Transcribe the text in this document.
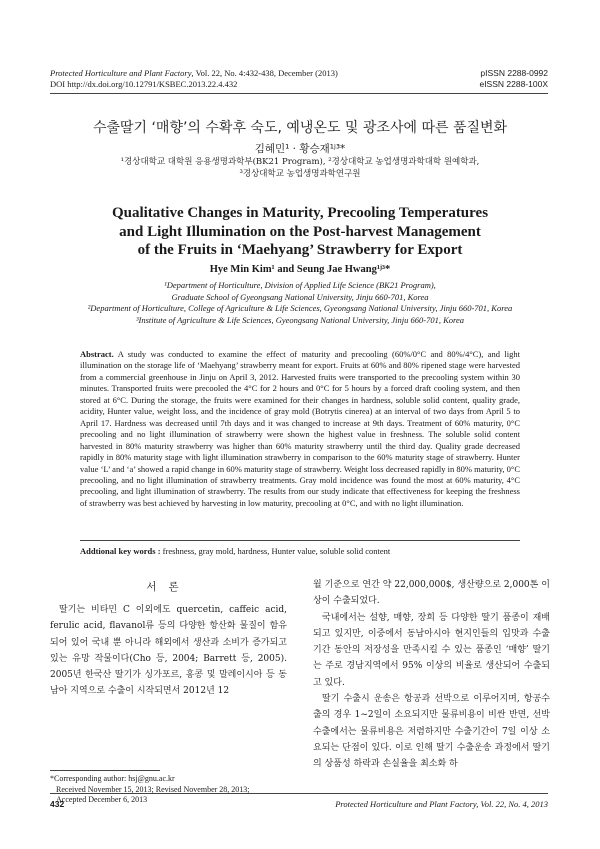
Protected Horticulture and Plant Factory, Vol. 22, No. 4:432-438, December (2013)
DOI http://dx.doi.org/10.12791/KSBEC.2013.22.4.432
pISSN 2288-0992
eISSN 2288-100X
수출딸기 ‘매향’의 수확후 숙도, 예냉온도 및 광조사에 따른 품질변화
김혜민¹ · 황승재¹ʲ³*
¹경상대학교 대학원 응용생명과학부(BK21 Program), ²경상대학교 농업생명과학대학 원예학과,
³경상대학교 농업생명과학연구원
Qualitative Changes in Maturity, Precooling Temperatures
and Light Illumination on the Post-harvest Management
of the Fruits in ‘Maehyang’ Strawberry for Export
Hye Min Kim¹ and Seung Jae Hwang¹ʲ³*
¹Department of Horticulture, Division of Applied Life Science (BK21 Program),
Graduate School of Gyeongsang National University, Jinju 660-701, Korea
²Department of Horticulture, College of Agriculture & Life Sciences, Gyeongsang National University, Jinju 660-701, Korea
³Institute of Agriculture & Life Sciences, Gyeongsang National University, Jinju 660-701, Korea
Abstract. A study was conducted to examine the effect of maturity and precooling (60%/0°C and 80%/4°C), and light illumination on the storage life of ‘Maehyang’ strawberry meant for export. Fruits at 60% and 80% ripened stage were harvested from a commercial greenhouse in Jinju on April 3, 2012. Harvested fruits were transported to the precooling system within 30 minutes. Transported fruits were precooled the 4°C for 2 hours and 0°C for 5 hours by a forced draft cooling system, and then stored at 6°C. During the storage, the fruits were examined for their changes in hardness, soluble solid content, quality grade, acidity, Hunter value, weight loss, and the incidence of gray mold (Botrytis cinerea) at an interval of two days from April 5 to April 17. Hardness was decreased until 7th days and it was changed to increase at 9th days. Treatment of 60% maturity, 0°C precooling and no light illumination of strawberry were shown the highest value in freshness. The soluble solid content harvested in 80% maturity strawberry was higher than 60% maturity strawberry until the third day. Quality grade decreased rapidly in 80% maturity stage with light illumination strawberry in comparison to the 60% maturity stage of strawberry. Hunter value ‘L’ and ‘a’ showed a rapid change in 60% maturity stage of strawberry. Weight loss decreased rapidly in 80% maturity, 0°C precooling, and no light illumination of strawberry treatments. Gray mold incidence was found the most at 60% maturity, 4°C precooling, and light illumination of strawberry. The results from our study indicate that effectiveness for keeping the freshness of strawberry was best achieved by harvesting in low maturity, precooling at 0°C, and with no light illumination.
Addtional key words : freshness, gray mold, hardness, Hunter value, soluble solid content
서론

딸기는 비타민 C 이외에도 quercetin, caffeic acid, ferulic acid, flavanol류 등의 다양한 항산화 물질이 함유되어 있어 국내 뿐 아니라 해외에서 생산과 소비가 증가되고 있는 유망 작물이다(Cho 등, 2004; Barrett 등, 2005). 2005년 한국산 딸기가 싱가포르, 홍콩 및 말레이시아 등 동남아 지역으로 수출이 시작되면서 2012년 12

월 기준으로 연간 약 22,000,000$, 생산량으로 2,000톤 이상이 수출되었다.

국내에서는 설향, 매향, 장희 등 다양한 딸기 품종이 재배되고 있지만, 이중에서 동남아시아 현지인들의 입맛과 수출 기간 동안의 저장성을 만족시킬 수 있는 품종인 ‘매향’ 딸기는 주로 경남지역에서 95% 이상의 비율로 생산되어 수출되고 있다.

딸기 수출시 운송은 항공과 선박으로 이루어지며, 항공수출의 경우 1~2일이 소요되지만 물류비용이 비싼 반면, 선박수출에서는 물류비용은 저렴하지만 수출기간이 7일 이상 소요되는 단점이 있다. 이로 인해 딸기 수출운송 과정에서 딸기의 상품성 하락과 손실율을 최소화 하

*Corresponding author: hsj@gnu.ac.kr
Received November 15, 2013; Revised November 28, 2013;
Accepted December 6, 2013
432	Protected Horticulture and Plant Factory, Vol. 22, No. 4, 2013
